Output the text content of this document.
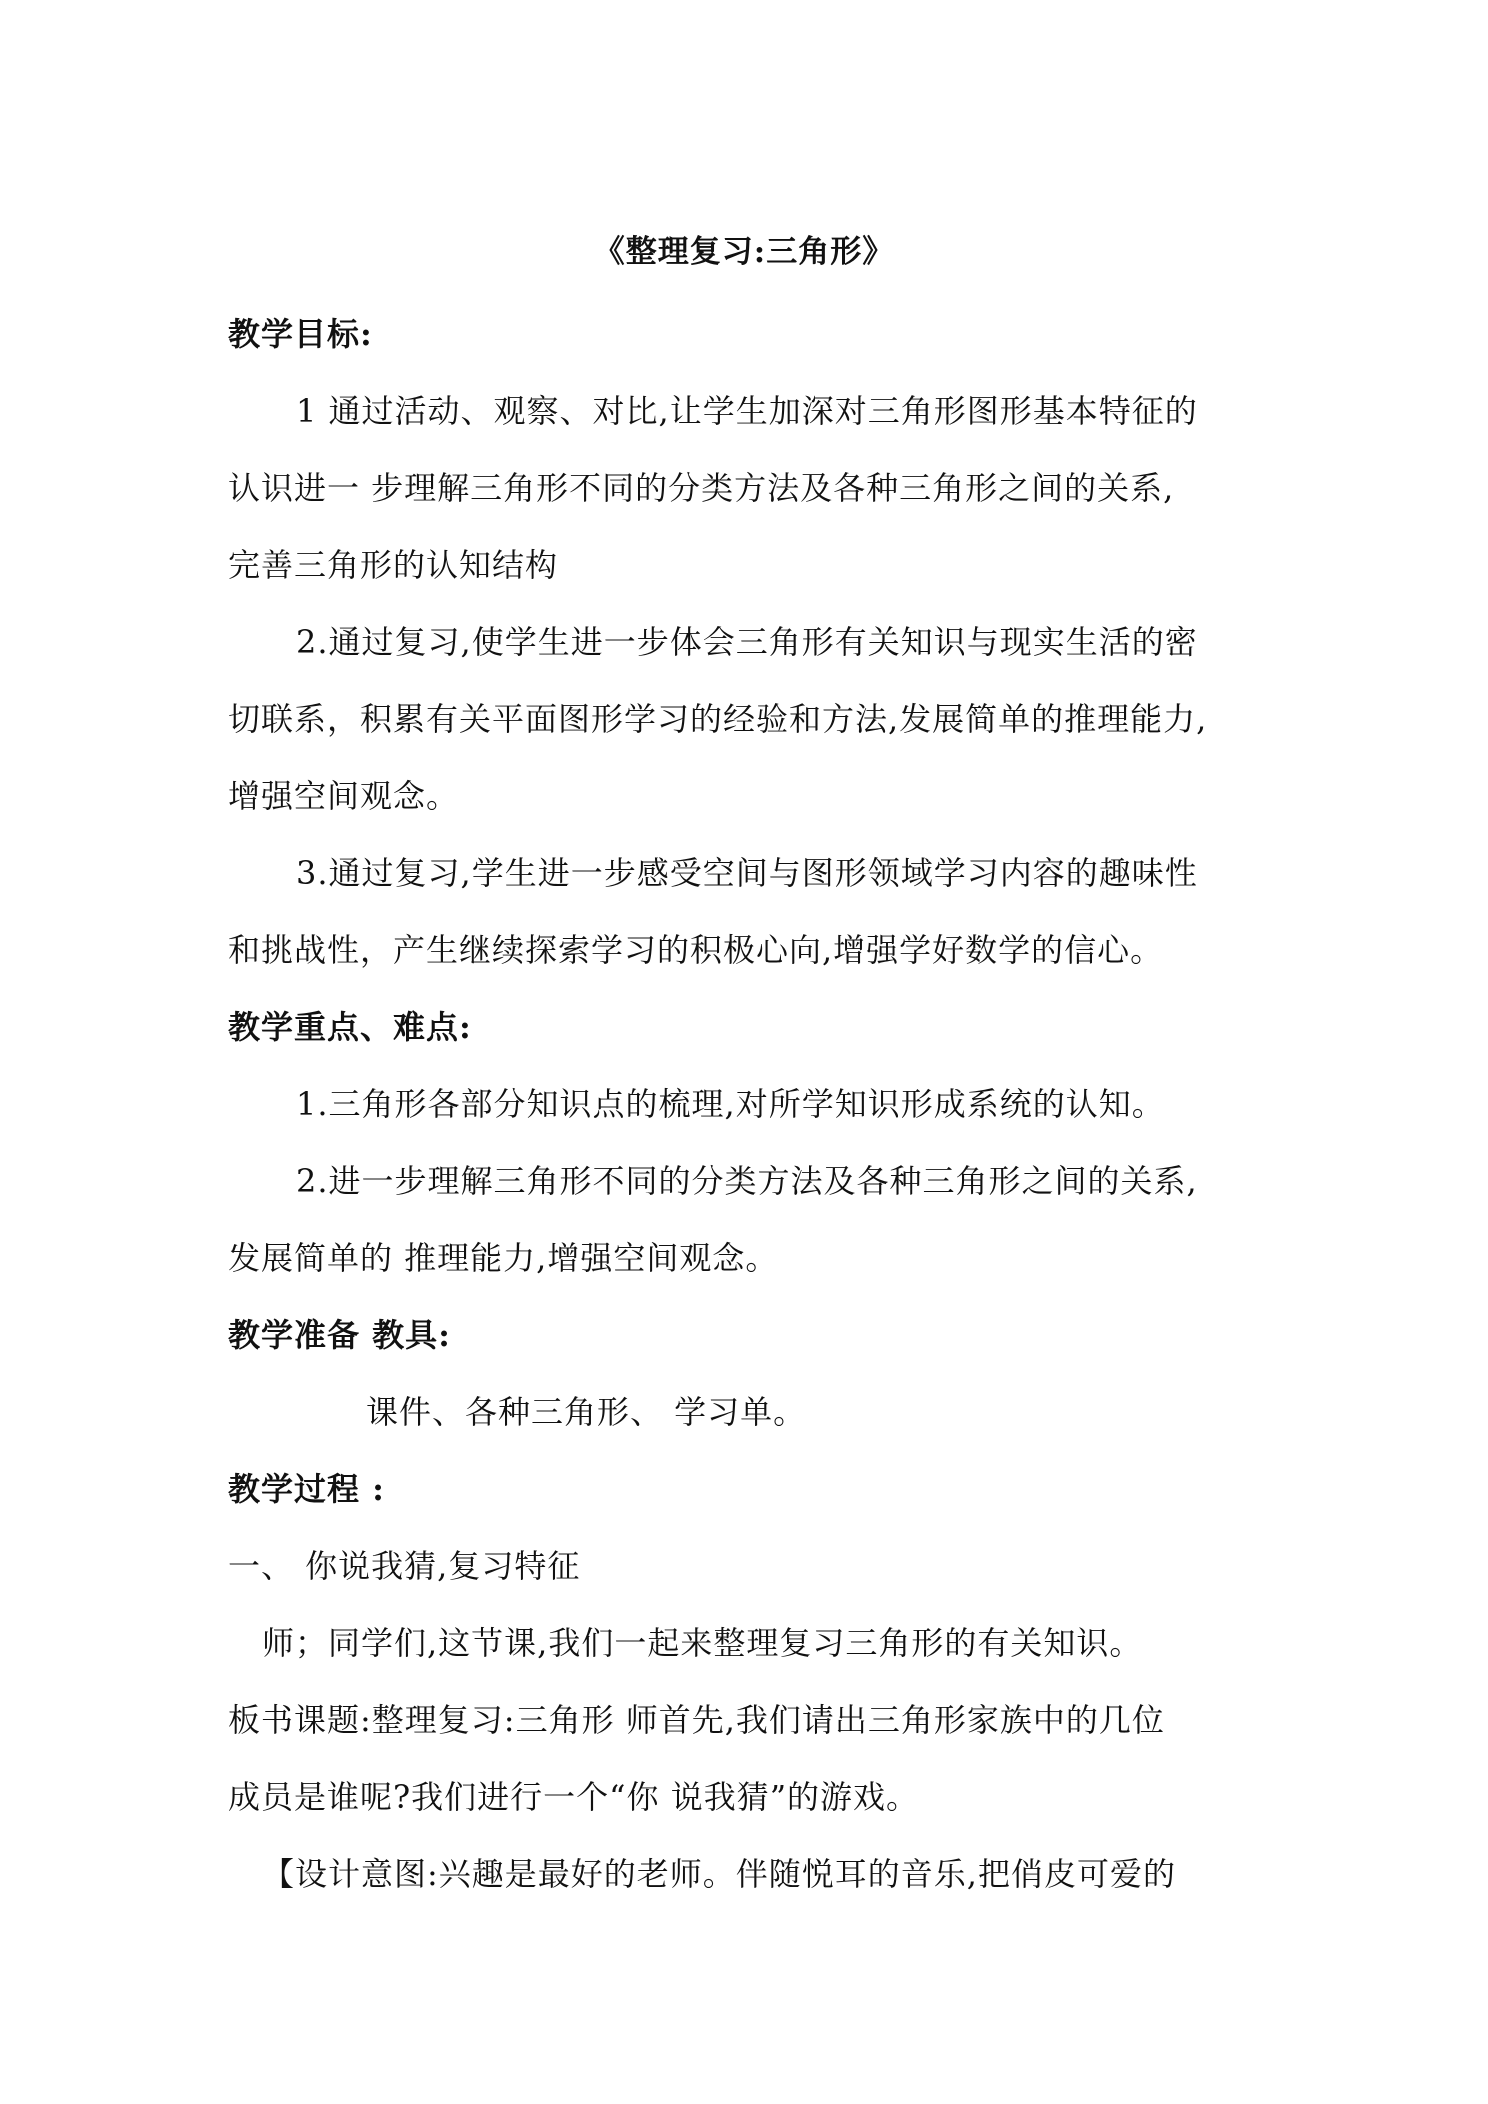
《整理复习:三角形》
教学目标:
1 通过活动、观察、对比,让学生加深对三角形图形基本特征的
认识进一 步理解三角形不同的分类方法及各种三角形之间的关系,
完善三角形的认知结构
2.通过复习,使学生进一步体会三角形有关知识与现实生活的密
切联系，积累有关平面图形学习的经验和方法,发展简单的推理能力,
增强空间观念。
3.通过复习,学生进一步感受空间与图形领域学习内容的趣味性
和挑战性，产生继续探索学习的积极心向,增强学好数学的信心。
教学重点、难点:
1.三角形各部分知识点的梳理,对所学知识形成系统的认知。
2.进一步理解三角形不同的分类方法及各种三角形之间的关系,
发展简单的 推理能力,增强空间观念。
教学准备 教具:
课件、各种三角形、 学习单。
教学过程 :
一、 你说我猜,复习特征
师；同学们,这节课,我们一起来整理复习三角形的有关知识。
板书课题:整理复习:三角形 师首先,我们请出三角形家族中的几位
成员是谁呢?我们进行一个“你 说我猜”的游戏。
【设计意图:兴趣是最好的老师。伴随悦耳的音乐,把俏皮可爱的
